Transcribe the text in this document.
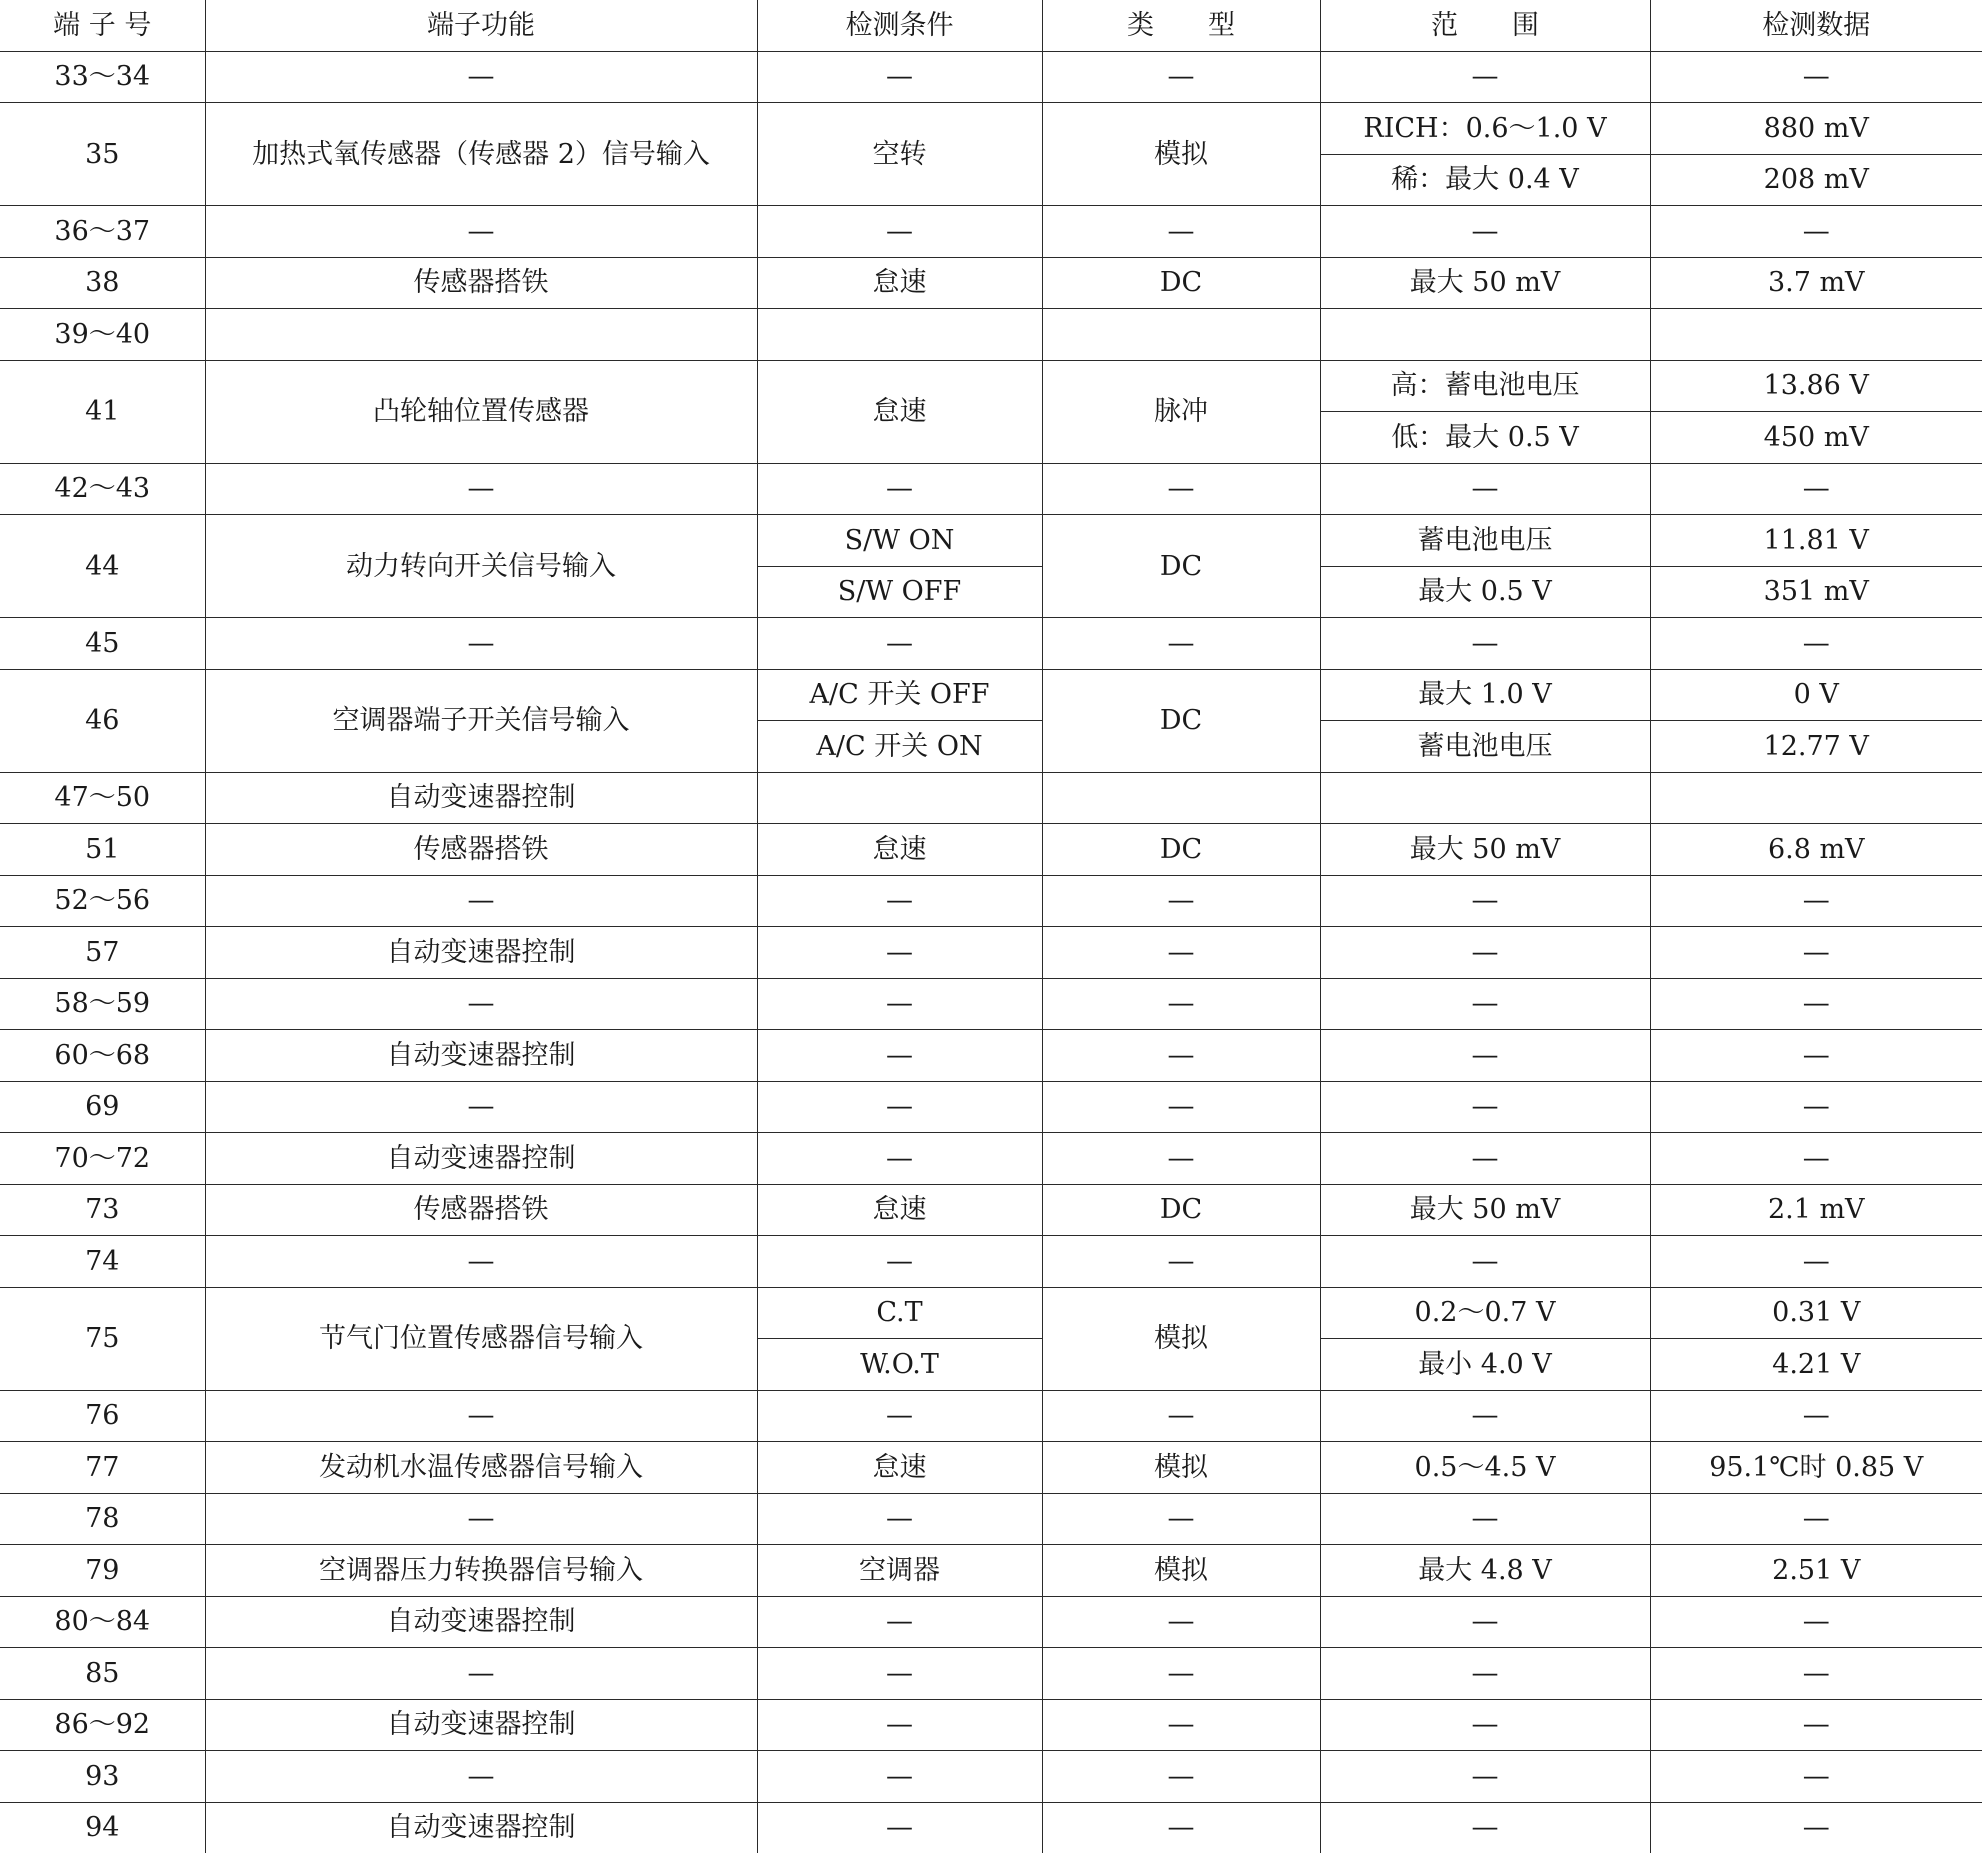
端 子 号	端子功能	检测条件	类　　型	范　　围	检测数据
33～34	—	—	—	—	—
35	加热式氧传感器（传感器 2）信号输入	空转	模拟	RICH：0.6～1.0 V	880 mV
				稀：最大 0.4 V	208 mV
36～37	—	—	—	—	—
38	传感器搭铁	怠速	DC	最大 50 mV	3.7 mV
39～40					
41	凸轮轴位置传感器	怠速	脉冲	高：蓄电池电压	13.86 V
				低：最大 0.5 V	450 mV
42～43	—	—	—	—	—
44	动力转向开关信号输入	S/W ON	DC	蓄电池电压	11.81 V
		S/W OFF		最大 0.5 V	351 mV
45	—	—	—	—	—
46	空调器端子开关信号输入	A/C 开关 OFF	DC	最大 1.0 V	0 V
		A/C 开关 ON		蓄电池电压	12.77 V
47～50	自动变速器控制				
51	传感器搭铁	怠速	DC	最大 50 mV	6.8 mV
52～56	—	—	—	—	—
57	自动变速器控制	—	—	—	—
58～59	—	—	—	—	—
60～68	自动变速器控制	—	—	—	—
69	—	—	—	—	—
70～72	自动变速器控制	—	—	—	—
73	传感器搭铁	怠速	DC	最大 50 mV	2.1 mV
74	—	—	—	—	—
75	节气门位置传感器信号输入	C.T	模拟	0.2～0.7 V	0.31 V
		W.O.T		最小 4.0 V	4.21 V
76	—	—	—	—	—
77	发动机水温传感器信号输入	怠速	模拟	0.5～4.5 V	95.1℃时 0.85 V
78	—	—	—	—	—
79	空调器压力转换器信号输入	空调器	模拟	最大 4.8 V	2.51 V
80～84	自动变速器控制	—	—	—	—
85	—	—	—	—	—
86～92	自动变速器控制	—	—	—	—
93	—	—	—	—	—
94	自动变速器控制	—	—	—	—
